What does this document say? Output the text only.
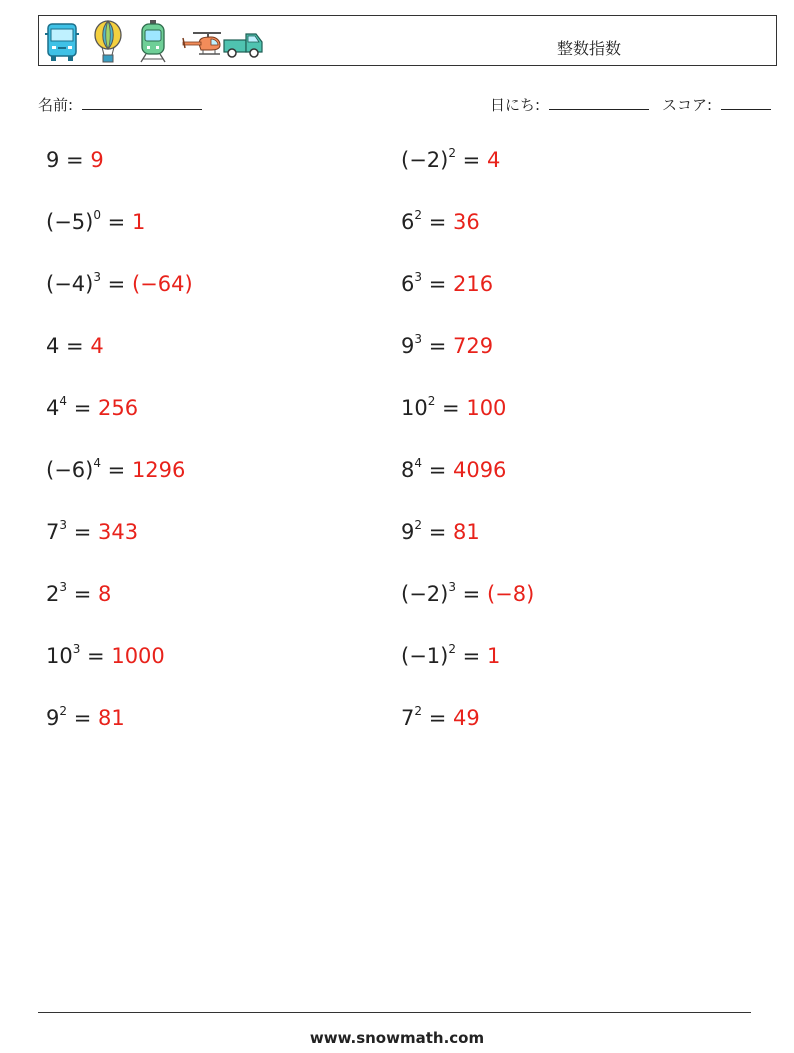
整数指数
名前:	日にち:	スコア:
9 = 9	$(-2)^2 = 4$
$(-5)^0 = 1$	$6^2 = 36$
$(-4)^3 = (-64)$	$6^3 = 216$
4 = 4	$9^3 = 729$
$4^4 = 256$	$10^2 = 100$
$(-6)^4 = 1296$	$8^4 = 4096$
$7^3 = 343$	$9^2 = 81$
$2^3 = 8$	$(-2)^3 = (-8)$
$10^3 = 1000$	$(-1)^2 = 1$
$9^2 = 81$	$7^2 = 49$
www.snowmath.com
